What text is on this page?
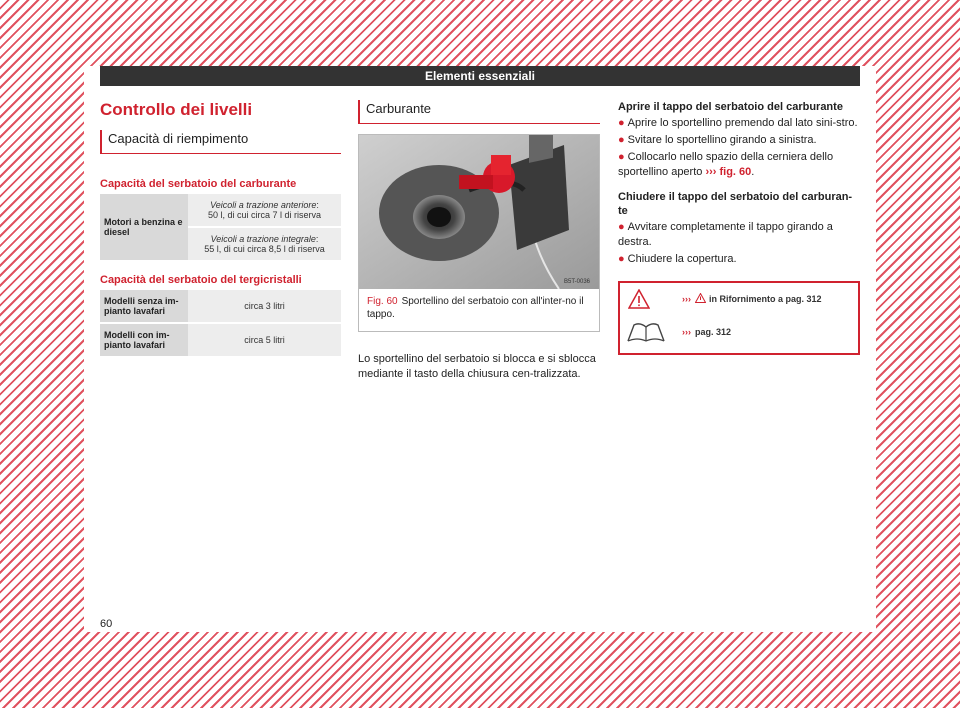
Elementi essenziali
Controllo dei livelli
Capacità di riempimento
Capacità del serbatoio del carburante
Motori a benzina e diesel	Veicoli a trazione anteriore:
50 l, di cui circa 7 l di riserva
Veicoli a trazione integrale:
55 l, di cui circa 8,5 l di riserva
Capacità del serbatoio del tergicristalli
Modelli senza im-pianto lavafari	circa 3 litri
Modelli con im-pianto lavafari	circa 5 litri
Carburante
B5T-0036
Fig. 60 Sportellino del serbatoio con all'inter-no il tappo.
Lo sportellino del serbatoio si blocca e si sblocca mediante il tasto della chiusura cen-tralizzata.
Aprire il tappo del serbatoio del carburante
● Aprire lo sportellino premendo dal lato sini-stro.
● Svitare lo sportellino girando a sinistra.
● Collocarlo nello spazio della cerniera dello sportellino aperto ››› fig. 60.
Chiudere il tappo del serbatoio del carburan-te
● Avvitare completamente il tappo girando a destra.
● Chiudere la copertura.
››› in Rifornimento a pag. 312
››› pag. 312
60
